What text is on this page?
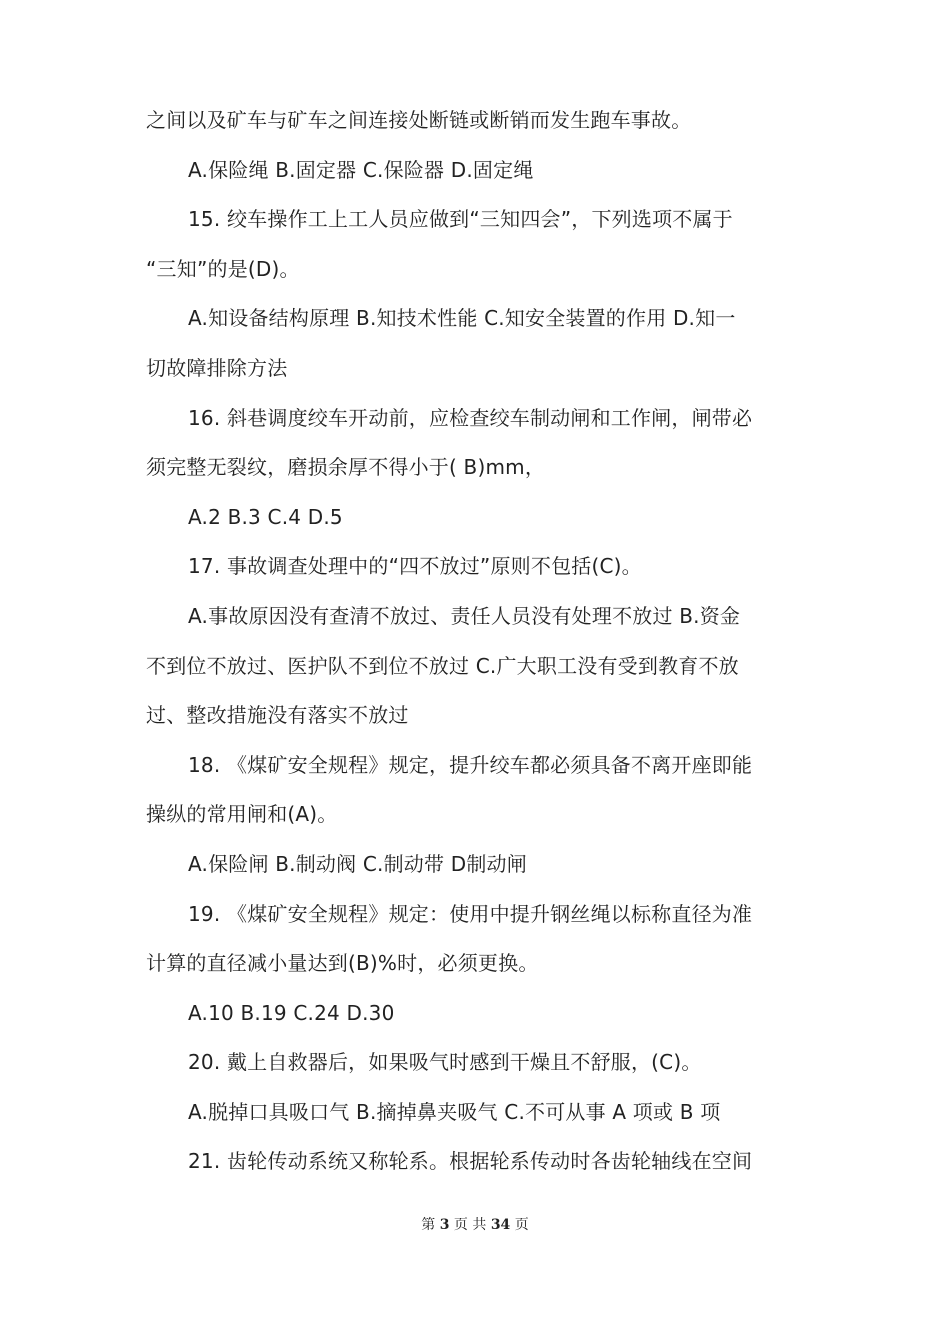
之间以及矿车与矿车之间连接处断链或断销而发生跑车事故。
A.保险绳 B.固定器 C.保险器 D.固定绳
15. 绞车操作工上工人员应做到“三知四会”，下列选项不属于
“三知”的是(D)。
A.知设备结构原理 B.知技术性能 C.知安全装置的作用 D.知一
切故障排除方法
16. 斜巷调度绞车开动前，应检查绞车制动闸和工作闸，闸带必
须完整无裂纹，磨损余厚不得小于( B)mm，
A.2 B.3 C.4 D.5
17. 事故调查处理中的“四不放过”原则不包括(C)。
A.事故原因没有查清不放过、责任人员没有处理不放过 B.资金
不到位不放过、医护队不到位不放过 C.广大职工没有受到教育不放
过、整改措施没有落实不放过
18. 《煤矿安全规程》规定，提升绞车都必须具备不离开座即能
操纵的常用闸和(A)。
A.保险闸 B.制动阀 C.制动带 D制动闸
19. 《煤矿安全规程》规定：使用中提升钢丝绳以标称直径为准
计算的直径减小量达到(B)%时，必须更换。
A.10 B.19 C.24 D.30
20. 戴上自救器后，如果吸气时感到干燥且不舒服，(C)。
A.脱掉口具吸口气 B.摘掉鼻夹吸气 C.不可从事 A 项或 B 项
21. 齿轮传动系统又称轮系。根据轮系传动时各齿轮轴线在空间
第 3 页 共 34 页
